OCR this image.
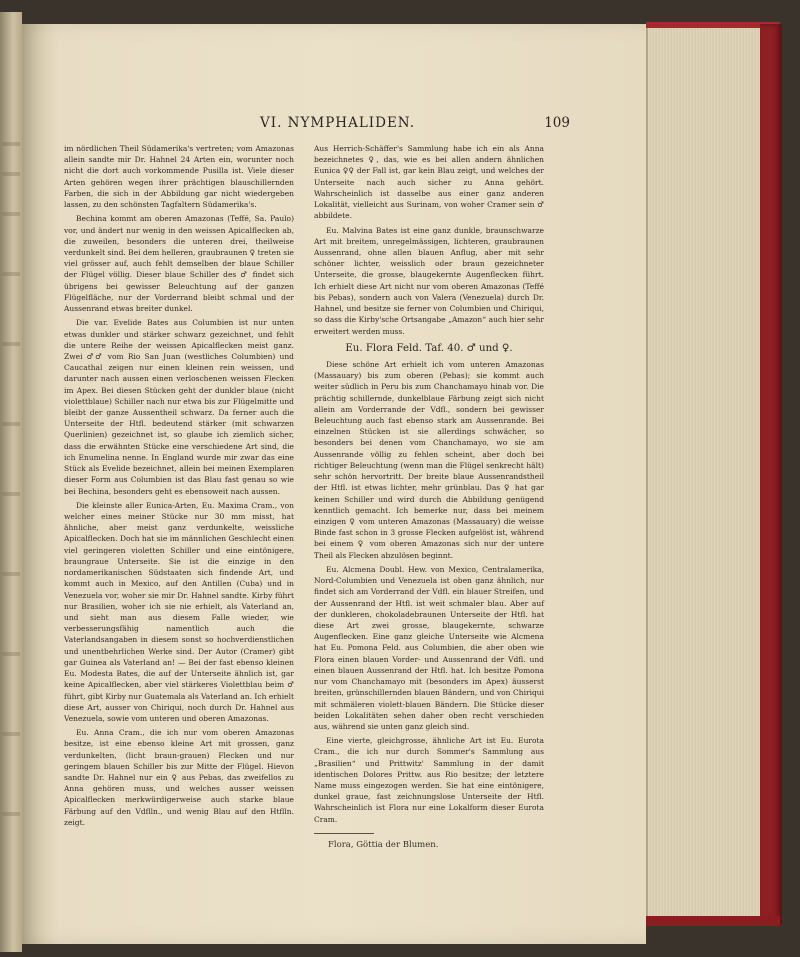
VI. NYMPHALIDEN.	109

im nördlichen Theil Südamerika's vertreten; vom Amazonas allein sandte mir Dr. Hahnel 24 Arten ein, worunter noch nicht die dort auch vorkommende Pusilla ist. Viele dieser Arten gehören wegen ihrer prächtigen blauschillernden Farben, die sich in der Abbildung gar nicht wiedergeben lassen, zu den schönsten Tagfaltern Südamerika's.

Bechina kommt am oberen Amazonas (Teffé, Sa. Paulo) vor, und ändert nur wenig in den weissen Apicalflecken ab, die zuweilen, besonders die unteren drei, theilweise verdunkelt sind. Bei dem helleren, graubraunen ♀ treten sie viel grösser auf, auch fehlt demselben der blaue Schiller der Flügel völlig. Dieser blaue Schiller des ♂ findet sich übrigens bei gewisser Beleuchtung auf der ganzen Flügelfläche, nur der Vorderrand bleibt schmal und der Aussenrand etwas breiter dunkel.

Die var. Evelide Bates aus Columbien ist nur unten etwas dunkler und stärker schwarz gezeichnet, und fehlt die untere Reihe der weissen Apicalflecken meist ganz. Zwei ♂♂ vom Rio San Juan (westliches Columbien) und Caucathal zeigen nur einen kleinen rein weissen, und darunter nach aussen einen verloschenen weissen Flecken im Apex. Bei diesen Stücken geht der dunkler blaue (nicht violettblaue) Schiller nach nur etwa bis zur Flügelmitte und bleibt der ganze Aussentheil schwarz. Da ferner auch die Unterseite der Htfl. bedeutend stärker (mit schwarzen Querlinien) gezeichnet ist, so glaube ich ziemlich sicher, dass die erwähnten Stücke eine verschiedene Art sind, die ich Enumelina nenne. In England wurde mir zwar das eine Stück als Evelide bezeichnet, allein bei meinen Exemplaren dieser Form aus Columbien ist das Blau fast genau so wie bei Bechina, besonders geht es ebensoweit nach aussen.

Die kleinste aller Eunica-Arten, Eu. Maxima Cram., von welcher eines meiner Stücke nur 30 mm misst, hat ähnliche, aber meist ganz verdunkelte, weissliche Apicalflecken. Doch hat sie im männlichen Geschlecht einen viel geringeren violetten Schiller und eine eintönigere, braungraue Unterseite. Sie ist die einzige in den nordamerikanischen Südstaaten sich findende Art, und kommt auch in Mexico, auf den Antillen (Cuba) und in Venezuela vor, woher sie mir Dr. Hahnel sandte. Kirby führt nur Brasilien, woher ich sie nie erhielt, als Vaterland an, und sieht man aus diesem Falle wieder, wie verbesserungsfähig namentlich auch die Vaterlandsangaben in diesem sonst so hochverdienstlichen und unentbehrlichen Werke sind. Der Autor (Cramer) gibt gar Guinea als Vaterland an! — Bei der fast ebenso kleinen Eu. Modesta Bates, die auf der Unterseite ähnlich ist, gar keine Apicalflecken, aber viel stärkeres Violettblau beim ♂ führt, gibt Kirby nur Guatemala als Vaterland an. Ich erhielt diese Art, ausser von Chiriqui, noch durch Dr. Hahnel aus Venezuela, sowie vom unteren und oberen Amazonas.

Eu. Anna Cram., die ich nur vom oberen Amazonas besitze, ist eine ebenso kleine Art mit grossen, ganz verdunkelten, (licht braun-grauen) Flecken und nur geringem blauen Schiller bis zur Mitte der Flügel. Hievon sandte Dr. Hahnel nur ein ♀ aus Pebas, das zweifellos zu Anna gehören muss, und welches ausser weissen Apicalflecken merkwürdigerweise auch starke blaue Färbung auf den Vdflln., und wenig Blau auf den Htflln. zeigt.

Aus Herrich-Schäffer's Sammlung habe ich ein als Anna bezeichnetes ♀, das, wie es bei allen andern ähnlichen Eunica ♀♀ der Fall ist, gar kein Blau zeigt, und welches der Unterseite nach auch sicher zu Anna gehört. Wahrscheinlich ist dasselbe aus einer ganz anderen Lokalität, vielleicht aus Surinam, von woher Cramer sein ♂ abbildete.

Eu. Malvina Bates ist eine ganz dunkle, braunschwarze Art mit breitem, unregelmässigen, lichteren, graubraunen Aussenrand, ohne allen blauen Anflug, aber mit sehr schöner lichter, weisslich oder braun gezeichneter Unterseite, die grosse, blaugekernte Augenflecken führt. Ich erhielt diese Art nicht nur vom oberen Amazonas (Teffé bis Pebas), sondern auch von Valera (Venezuela) durch Dr. Hahnel, und besitze sie ferner von Columbien und Chiriqui, so dass die Kirby'sche Ortsangabe „Amazon“ auch hier sehr erweitert werden muss.

Eu. Flora Feld. Taf. 40. ♂ und ♀.

Diese schöne Art erhielt ich vom unteren Amazonas (Massauary) bis zum oberen (Pebas); sie kommt auch weiter südlich in Peru bis zum Chanchamayo hinab vor. Die prächtig schillernde, dunkelblaue Färbung zeigt sich nicht allein am Vorderrande der Vdfl., sondern bei gewisser Beleuchtung auch fast ebenso stark am Aussenrande. Bei einzelnen Stücken ist sie allerdings schwächer, so besonders bei denen vom Chanchamayo, wo sie am Aussenrande völlig zu fehlen scheint, aber doch bei richtiger Beleuchtung (wenn man die Flügel senkrecht hält) sehr schön hervortritt. Der breite blaue Aussenrandstheil der Htfl. ist etwas lichter, mehr grünblau. Das ♀ hat gar keinen Schiller und wird durch die Abbildung genügend kenntlich gemacht. Ich bemerke nur, dass bei meinem einzigen ♀ vom unteren Amazonas (Massauary) die weisse Binde fast schon in 3 grosse Flecken aufgelöst ist, während bei einem ♀ vom oberen Amazonas sich nur der untere Theil als Flecken abzulösen beginnt.

Eu. Alcmena Doubl. Hew. von Mexico, Centralamerika, Nord-Columbien und Venezuela ist oben ganz ähnlich, nur findet sich am Vorderrand der Vdfl. ein blauer Streifen, und der Aussenrand der Htfl. ist weit schmaler blau. Aber auf der dunkleren, chokoladebraunen Unterseite der Htfl. hat diese Art zwei grosse, blaugekernte, schwarze Augenflecken. Eine ganz gleiche Unterseite wie Alcmena hat Eu. Pomona Feld. aus Columbien, die aber oben wie Flora einen blauen Vorder- und Aussenrand der Vdfl. und einen blauen Aussenrand der Htfl. hat. Ich besitze Pomona nur vom Chanchamayo mit (besonders im Apex) äusserst breiten, grünschillernden blauen Bändern, und von Chiriqui mit schmäleren violett-blauen Bändern. Die Stücke dieser beiden Lokalitäten sehen daher oben recht verschieden aus, während sie unten ganz gleich sind.

Eine vierte, gleichgrosse, ähnliche Art ist Eu. Eurota Cram., die ich nur durch Sommer's Sammlung aus „Brasilien“ und Prittwitz' Sammlung in der damit identischen Dolores Prittw. aus Rio besitze; der letztere Name muss eingezogen werden. Sie hat eine eintönigere, dunkel graue, fast zeichnungslose Unterseite der Htfl. Wahrscheinlich ist Flora nur eine Lokalform dieser Eurota Cram.

Flora, Göttia der Blumen.
